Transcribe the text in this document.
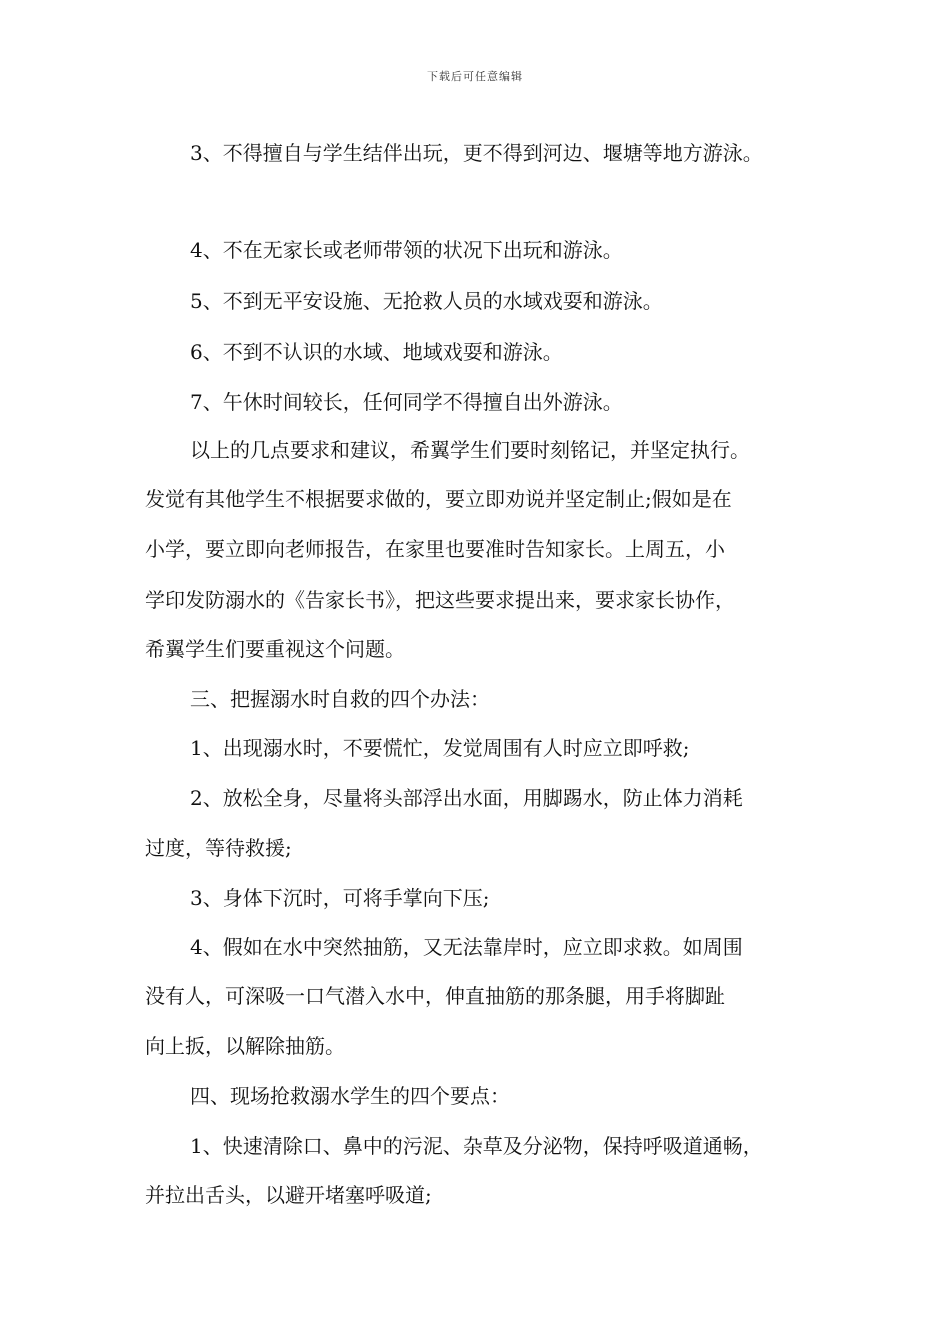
下载后可任意编辑
3、不得擅自与学生结伴出玩，更不得到河边、堰塘等地方游泳。
4、不在无家长或老师带领的状况下出玩和游泳。
5、不到无平安设施、无抢救人员的水域戏耍和游泳。
6、不到不认识的水域、地域戏耍和游泳。
7、午休时间较长，任何同学不得擅自出外游泳。
以上的几点要求和建议，希翼学生们要时刻铭记，并坚定执行。
发觉有其他学生不根据要求做的，要立即劝说并坚定制止;假如是在
小学，要立即向老师报告，在家里也要准时告知家长。上周五，小
学印发防溺水的《告家长书》，把这些要求提出来，要求家长协作，
希翼学生们要重视这个问题。
三、把握溺水时自救的四个办法：
1、出现溺水时，不要慌忙，发觉周围有人时应立即呼救;
2、放松全身，尽量将头部浮出水面，用脚踢水，防止体力消耗
过度，等待救援;
3、身体下沉时，可将手掌向下压;
4、假如在水中突然抽筋，又无法靠岸时，应立即求救。如周围
没有人，可深吸一口气潜入水中，伸直抽筋的那条腿，用手将脚趾
向上扳，以解除抽筋。
四、现场抢救溺水学生的四个要点：
1、快速清除口、鼻中的污泥、杂草及分泌物，保持呼吸道通畅，
并拉出舌头，以避开堵塞呼吸道;
